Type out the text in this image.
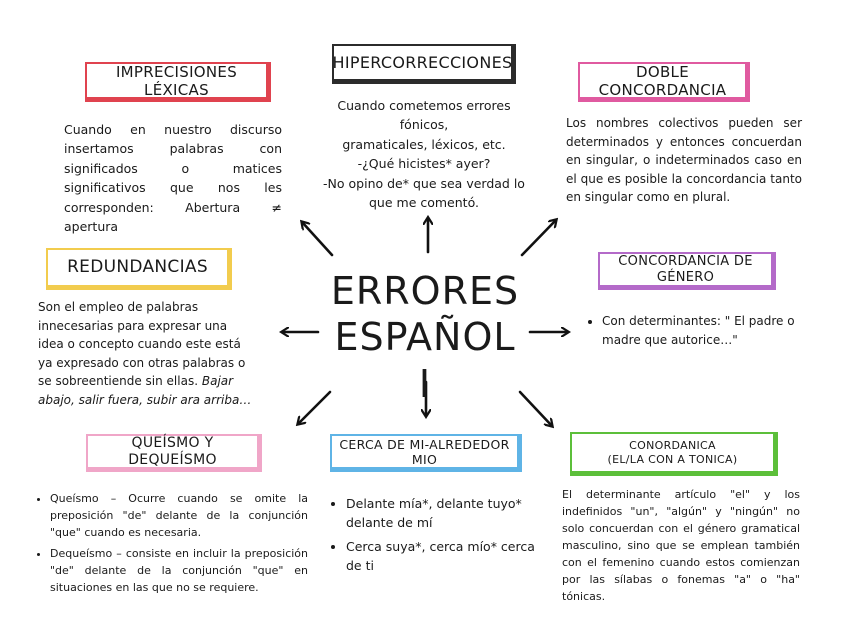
ERRORES
ESPAÑOL I
IMPRECISIONES LÉXICAS
Cuando en nuestro discurso insertamos palabras con significados o matices significativos que nos les corresponden: Abertura ≠ apertura
HIPERCORRECCIONES
Cuando cometemos errores fónicos,
gramaticales, léxicos, etc.
-¿Qué hicistes* ayer?
-No opino de* que sea verdad lo
que me comentó.
DOBLE CONCORDANCIA
Los nombres colectivos pueden ser determinados y entonces concuerdan en singular, o indeterminados caso en el que es posible la concordancia tanto en singular como en plural.
REDUNDANCIAS
Son el empleo de palabras innecesarias para expresar una idea o concepto cuando este está ya expresado con otras palabras o se sobreentiende sin ellas. Bajar abajo, salir fuera, subir ara arriba…
CONCORDANCIA DE GÉNERO
• Con determinantes: " El padre o madre que autorice…"
QUEÍSMO Y DEQUEÍSMO
• Queísmo – Ocurre cuando se omite la preposición "de" delante de la conjunción "que" cuando es necesaria.
• Dequeísmo – consiste en incluir la preposición "de" delante de la conjunción "que" en situaciones en las que no se requiere.
CERCA DE MI-ALREDEDOR MIO
• Delante mía*, delante tuyo* delante de mí
• Cerca suya*, cerca mío* cerca de ti
CONORDANICA
(EL/LA CON A TONICA)
El determinante artículo "el" y los indefinidos "un", "algún" y "ningún" no solo concuerdan con el género gramatical masculino, sino que se emplean también con el femenino cuando estos comienzan por las sílabas o fonemas "a" o "ha" tónicas.
